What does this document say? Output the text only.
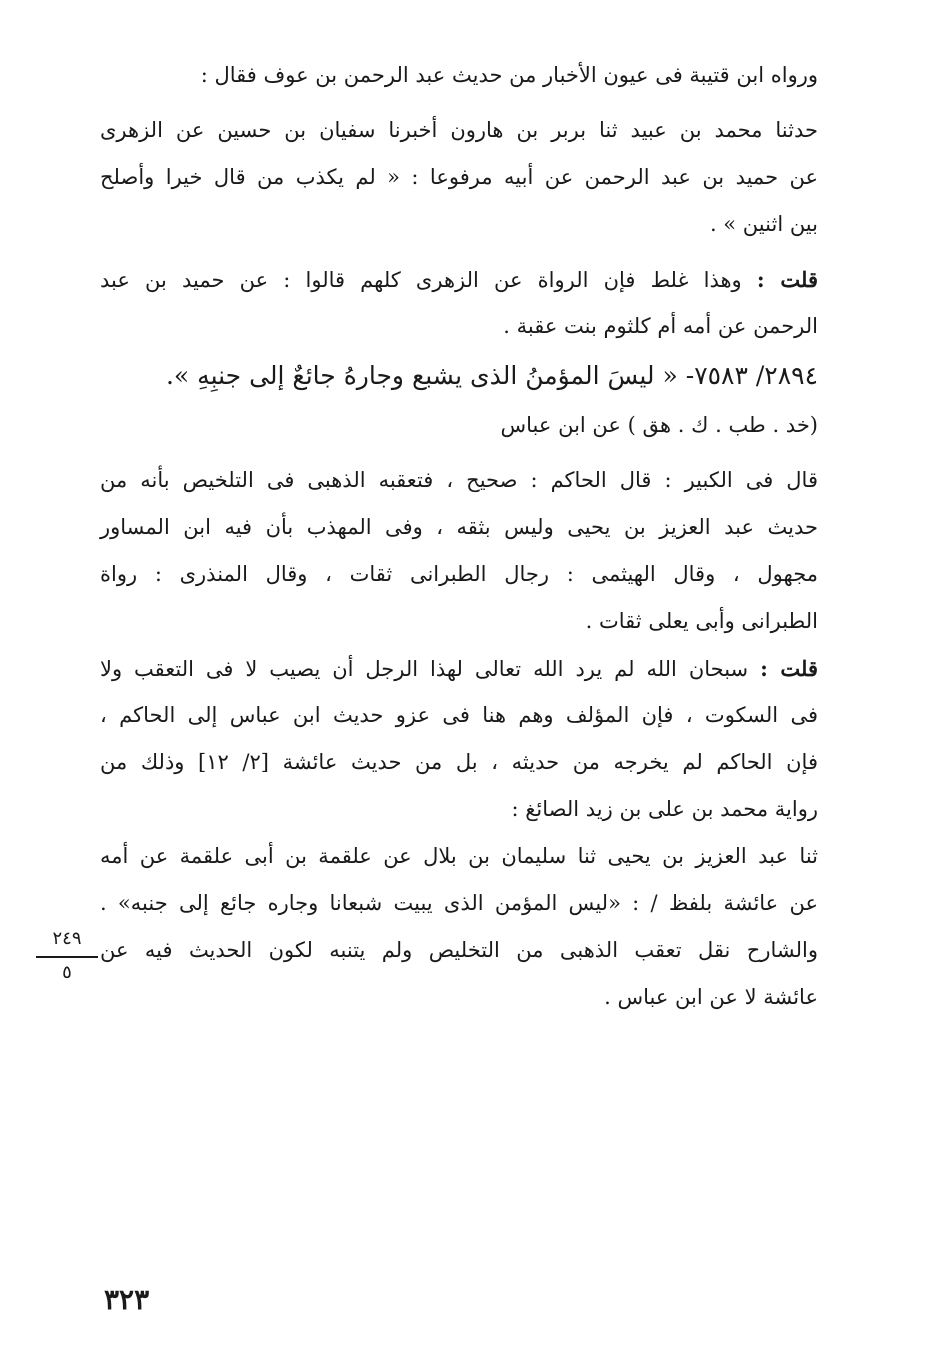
ورواه ابن قتيبة فى عيون الأخبار من حديث عبد الرحمن بن عوف فقال :
حدثنا محمد بن عبيد ثنا بربر بن هارون أخبرنا سفيان بن حسين عن الزهرى
عن حميد بن عبد الرحمن عن أبيه مرفوعا : « لم يكذب من قال خيرا وأصلح
بين اثنين » .
قلت : وهذا غلط فإن الرواة عن الزهرى كلهم قالوا : عن حميد بن عبد
الرحمن عن أمه أم كلثوم بنت عقبة .
٢٨٩٤/ ٧٥٨٣- « ليسَ المؤمنُ الذى يشبع وجارهُ جائعٌ إلى جنبِهِ ».
(خد . طب . ك . هق ) عن ابن عباس
قال فى الكبير : قال الحاكم : صحيح ، فتعقبه الذهبى فى التلخيص بأنه من
حديث عبد العزيز بن يحيى وليس بثقه ، وفى المهذب بأن فيه ابن المساور
مجهول ، وقال الهيثمى : رجال الطبرانى ثقات ، وقال المنذرى : رواة
الطبرانى وأبى يعلى ثقات .
قلت : سبحان الله لم يرد الله تعالى لهذا الرجل أن يصيب لا فى التعقب ولا
فى السكوت ، فإن المؤلف وهم هنا فى عزو حديث ابن عباس إلى الحاكم ،
فإن الحاكم لم يخرجه من حديثه ، بل من حديث عائشة [٢/ ١٢] وذلك من
رواية محمد بن على بن زيد الصائغ :
ثنا عبد العزيز بن يحيى ثنا سليمان بن بلال عن علقمة بن أبى علقمة عن أمه
عن عائشة بلفظ / : «ليس المؤمن الذى يبيت شبعانا وجاره جائع إلى جنبه» .
والشارح نقل تعقب الذهبى من التخليص ولم يتنبه لكون الحديث فيه عن
عائشة لا عن ابن عباس .
٢٤٩
٥
٣٢٣
